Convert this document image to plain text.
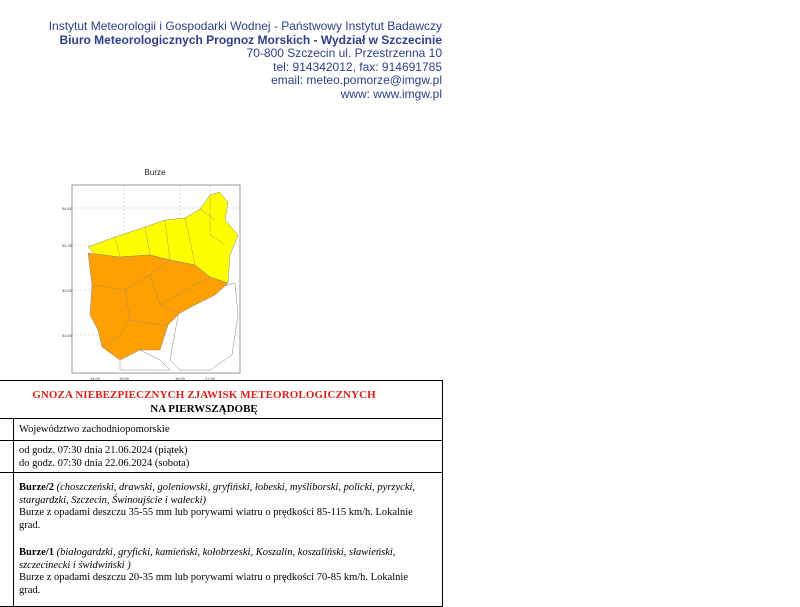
Instytut Meteorologii i Gospodarki Wodnej - Państwowy Instytut Badawczy
Biuro Meteorologicznych Prognoz Morskich - Wydział w Szczecinie
70-800 Szczecin ul. Przestrzenna 10
tel: 914342012, fax: 914691785
email: meteo.pomorze@imgw.pl
www: www.imgw.pl
Burze
54.60
54.30
54.00
53.50
14.00	15.00	16.00	17.00
GNOZA NIEBEZPIECZNYCH ZJAWISK METEOROLOGICZNYCH
NA PIERWSZĄDOBĘ
Województwo zachodniopomorskie
od godz. 07:30 dnia 21.06.2024 (piątek)
do godz. 07:30 dnia 22.06.2024 (sobota)
Burze/2 (choszczeński, drawski, goleniowski, gryfiński, łobeski, myśliborski, policki, pyrzycki,
stargardzki, Szczecin, Świnoujście i wałecki)
Burze z opadami deszczu 35-55 mm lub porywami wiatru o prędkości 85-115 km/h. Lokalnie
grad.
Burze/1 (białogardzki, gryficki, kamieński, kołobrzeski, Koszalin, koszaliński, sławieński,
szczecinecki i świdwiński )
Burze z opadami deszczu 20-35 mm lub porywami wiatru o prędkości 70-85 km/h. Lokalnie
grad.
